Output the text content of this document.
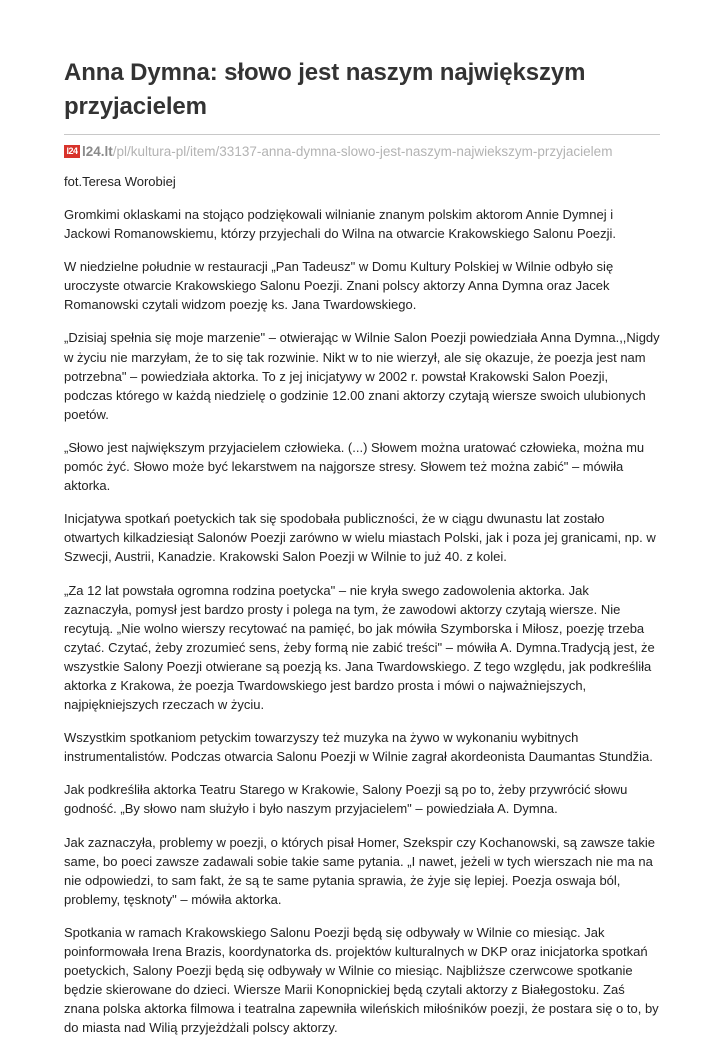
Anna Dymna: słowo jest naszym największym przyjacielem
l24 l24.lt /pl/kultura-pl/item/33137-anna-dymna-slowo-jest-naszym-najwiekszym-przyjacielem

fot.Teresa Worobiej

Gromkimi oklaskami na stojąco podziękowali wilnianie znanym polskim aktorom Annie Dymnej i Jackowi Romanowskiemu, którzy przyjechali do Wilna na otwarcie Krakowskiego Salonu Poezji.

W niedzielne południe w restauracji „Pan Tadeusz" w Domu Kultury Polskiej w Wilnie odbyło się uroczyste otwarcie Krakowskiego Salonu Poezji. Znani polscy aktorzy Anna Dymna oraz Jacek Romanowski czytali widzom poezję ks. Jana Twardowskiego.

„Dzisiaj spełnia się moje marzenie" – otwierając w Wilnie Salon Poezji powiedziała Anna Dymna.,,Nigdy w życiu nie marzyłam, że to się tak rozwinie. Nikt w to nie wierzył, ale się okazuje, że poezja jest nam potrzebna" – powiedziała aktorka. To z jej inicjatywy w 2002 r. powstał Krakowski Salon Poezji, podczas którego w każdą niedzielę o godzinie 12.00 znani aktorzy czytają wiersze swoich ulubionych poetów.

„Słowo jest największym przyjacielem człowieka. (...) Słowem można uratować człowieka, można mu pomóc żyć. Słowo może być lekarstwem na najgorsze stresy. Słowem też można zabić" – mówiła aktorka.

Inicjatywa spotkań poetyckich tak się spodobała publiczności, że w ciągu dwunastu lat zostało otwartych kilkadziesiąt Salonów Poezji zarówno w wielu miastach Polski, jak i poza jej granicami, np. w Szwecji, Austrii, Kanadzie. Krakowski Salon Poezji w Wilnie to już 40. z kolei.

„Za 12 lat powstała ogromna rodzina poetycka" – nie kryła swego zadowolenia aktorka. Jak zaznaczyła, pomysł jest bardzo prosty i polega na tym, że zawodowi aktorzy czytają wiersze. Nie recytują. „Nie wolno wierszy recytować na pamięć, bo jak mówiła Szymborska i Miłosz, poezję trzeba czytać. Czytać, żeby zrozumieć sens, żeby formą nie zabić treści" – mówiła A. Dymna.Tradycją jest, że wszystkie Salony Poezji otwierane są poezją ks. Jana Twardowskiego. Z tego względu, jak podkreśliła aktorka z Krakowa, że poezja Twardowskiego jest bardzo prosta i mówi o najważniejszych, najpiękniejszych rzeczach w życiu.

Wszystkim spotkaniom petyckim towarzyszy też muzyka na żywo w wykonaniu wybitnych instrumentalistów. Podczas otwarcia Salonu Poezji w Wilnie zagrał akordeonista Daumantas Stundžia.

Jak podkreśliła aktorka Teatru Starego w Krakowie, Salony Poezji są po to, żeby przywrócić słowu godność. „By słowo nam służyło i było naszym przyjacielem" – powiedziała A. Dymna.

Jak zaznaczyła, problemy w poezji, o których pisał Homer, Szekspir czy Kochanowski, są zawsze takie same, bo poeci zawsze zadawali sobie takie same pytania. „I nawet, jeżeli w tych wierszach nie ma na nie odpowiedzi, to sam fakt, że są te same pytania sprawia, że żyje się lepiej. Poezja oswaja ból, problemy, tęsknoty" – mówiła aktorka.

Spotkania w ramach Krakowskiego Salonu Poezji będą się odbywały w Wilnie co miesiąc. Jak poinformowała Irena Brazis, koordynatorka ds. projektów kulturalnych w DKP oraz inicjatorka spotkań poetyckich, Salony Poezji będą się odbywały w Wilnie co miesiąc. Najbliższe czerwcowe spotkanie będzie skierowane do dzieci. Wiersze Marii Konopnickiej będą czytali aktorzy z Białegostoku. Zaś znana polska aktorka filmowa i teatralna zapewniła wileńskich miłośników poezji, że postara się o to, by do miasta nad Wilią przyjeżdżali polscy aktorzy.
